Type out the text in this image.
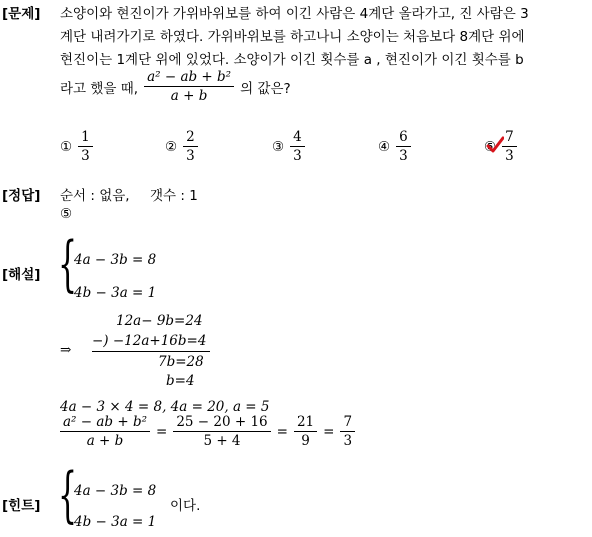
[문제] 소양이와 현진이가 가위바위보를 하여 이긴 사람은 4계단 올라가고, 진 사람은 3
계단 내려가기로 하였다. 가위바위보를 하고나니 소양이는 처음보다 8계단 위에
현진이는 1계단 위에 있었다. 소양이가 이긴 횟수를 a , 현진이가 이긴 횟수를 b
라고 했을 때, $\frac{\text{a² − ab + b²}}{a + b}$ 의 값은?
① $\frac{1}{3}$	② $\frac{2}{3}$	③ $\frac{4}{3}$	④ $\frac{6}{3}$	⑤ $\frac{7}{3}$
[정답] 순서 : 없음, 갯수 : 1
⑤
[해설] {
4a − 3b = 8
4b − 3a = 1
⇒
12a− 9b=24
−) −12a+16b=4
7b=28
b=4
4a − 3 × 4 = 8, 4a = 20, a = 5
$\frac{\text{a² − ab + b²}}{a + b} = \frac{25 - 20 + 16}{5 + 4} = \frac{21}{9} = \frac{7}{3}$
[힌트] {
4a − 3b = 8
4b − 3a = 1
이다.
